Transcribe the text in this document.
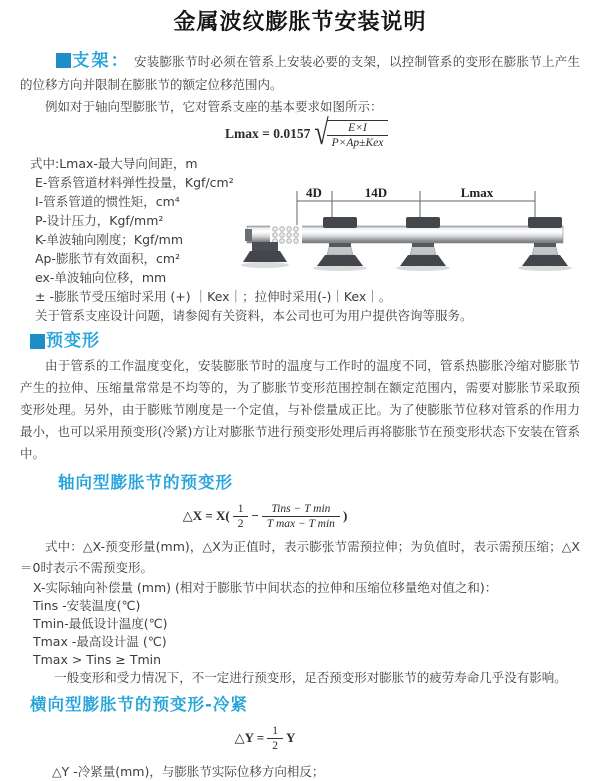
金属波纹膨胀节安装说明

支架： 安装膨胀节时必须在管系上安装必要的支架，以控制管系的变形在膨胀节上产生的位移方向并限制在膨胀节的额定位移范围内。

例如对于轴向型膨胀节，它对管系支座的基本要求如图所示：

Lmax = 0.0157 √
$\frac{E\times I}{\text{P×Ap±Kex}}$
式中:Lmax-最大导向间距，m
E-管系管道材料弹性投量，Kgf/cm²
I-管系管道的惯性矩，cm⁴
P-设计压力，Kgf/mm²
K-单波轴向刚度；Kgf/mm
Ap-膨胀节有效面积，cm²
ex-单波轴向位移，mm
± -膨胀节受压缩时采用 (+) ｜Kex｜；拉伸时采用(-)｜Kex｜。
关于管系支座设计问题，请参阅有关资料，本公司也可为用户提供咨询等服务。
4D	14D	Lmax
预变形

由于管系的工作温度变化，安装膨胀节时的温度与工作时的温度不同，管系热膨胀冷缩对膨胀节产生的拉伸、压缩量常常是不均等的，为了膨胀节变形范围控制在额定范围内，需要对膨胀节采取预变形处理。另外，由于膨账节刚度是一个定值，与补偿量成正比。为了使膨胀节位移对管系的作用力最小，也可以采用预变形(冷紧)方让对膨胀节进行预变形处理后再将膨胀节在预变形状态下安装在管系中。

轴向型膨胀节的预变形
△X = $X( \frac{1}{2} - \frac{\text{Tins − T min}}{\text{T max − T min}}$ )

式中：△X-预变形量(mm)，△X为正值时，表示膨张节需预拉伸；为负值时，表示需预压缩；△X＝0时表示不需预变形。

X-实际轴向补偿量 (mm) (相对于膨胀节中间状态的拉伸和压缩位移量绝对值之和)：
Tins -安装温度(℃)
Tmin-最低设计温度(℃)
Tmax -最高设计温 (℃)
Tmax > Tins ≥ Tmin
一般变形和受力情况下，不一定进行预变形，足否预变形对膨胀节的疲劳寿命几乎没有影响。
横向型膨胀节的预变形-冷紧
△Y = $\frac{1}{2}$ Y

△Y -冷紧量(mm)，与膨胀节实际位移方向相反；
